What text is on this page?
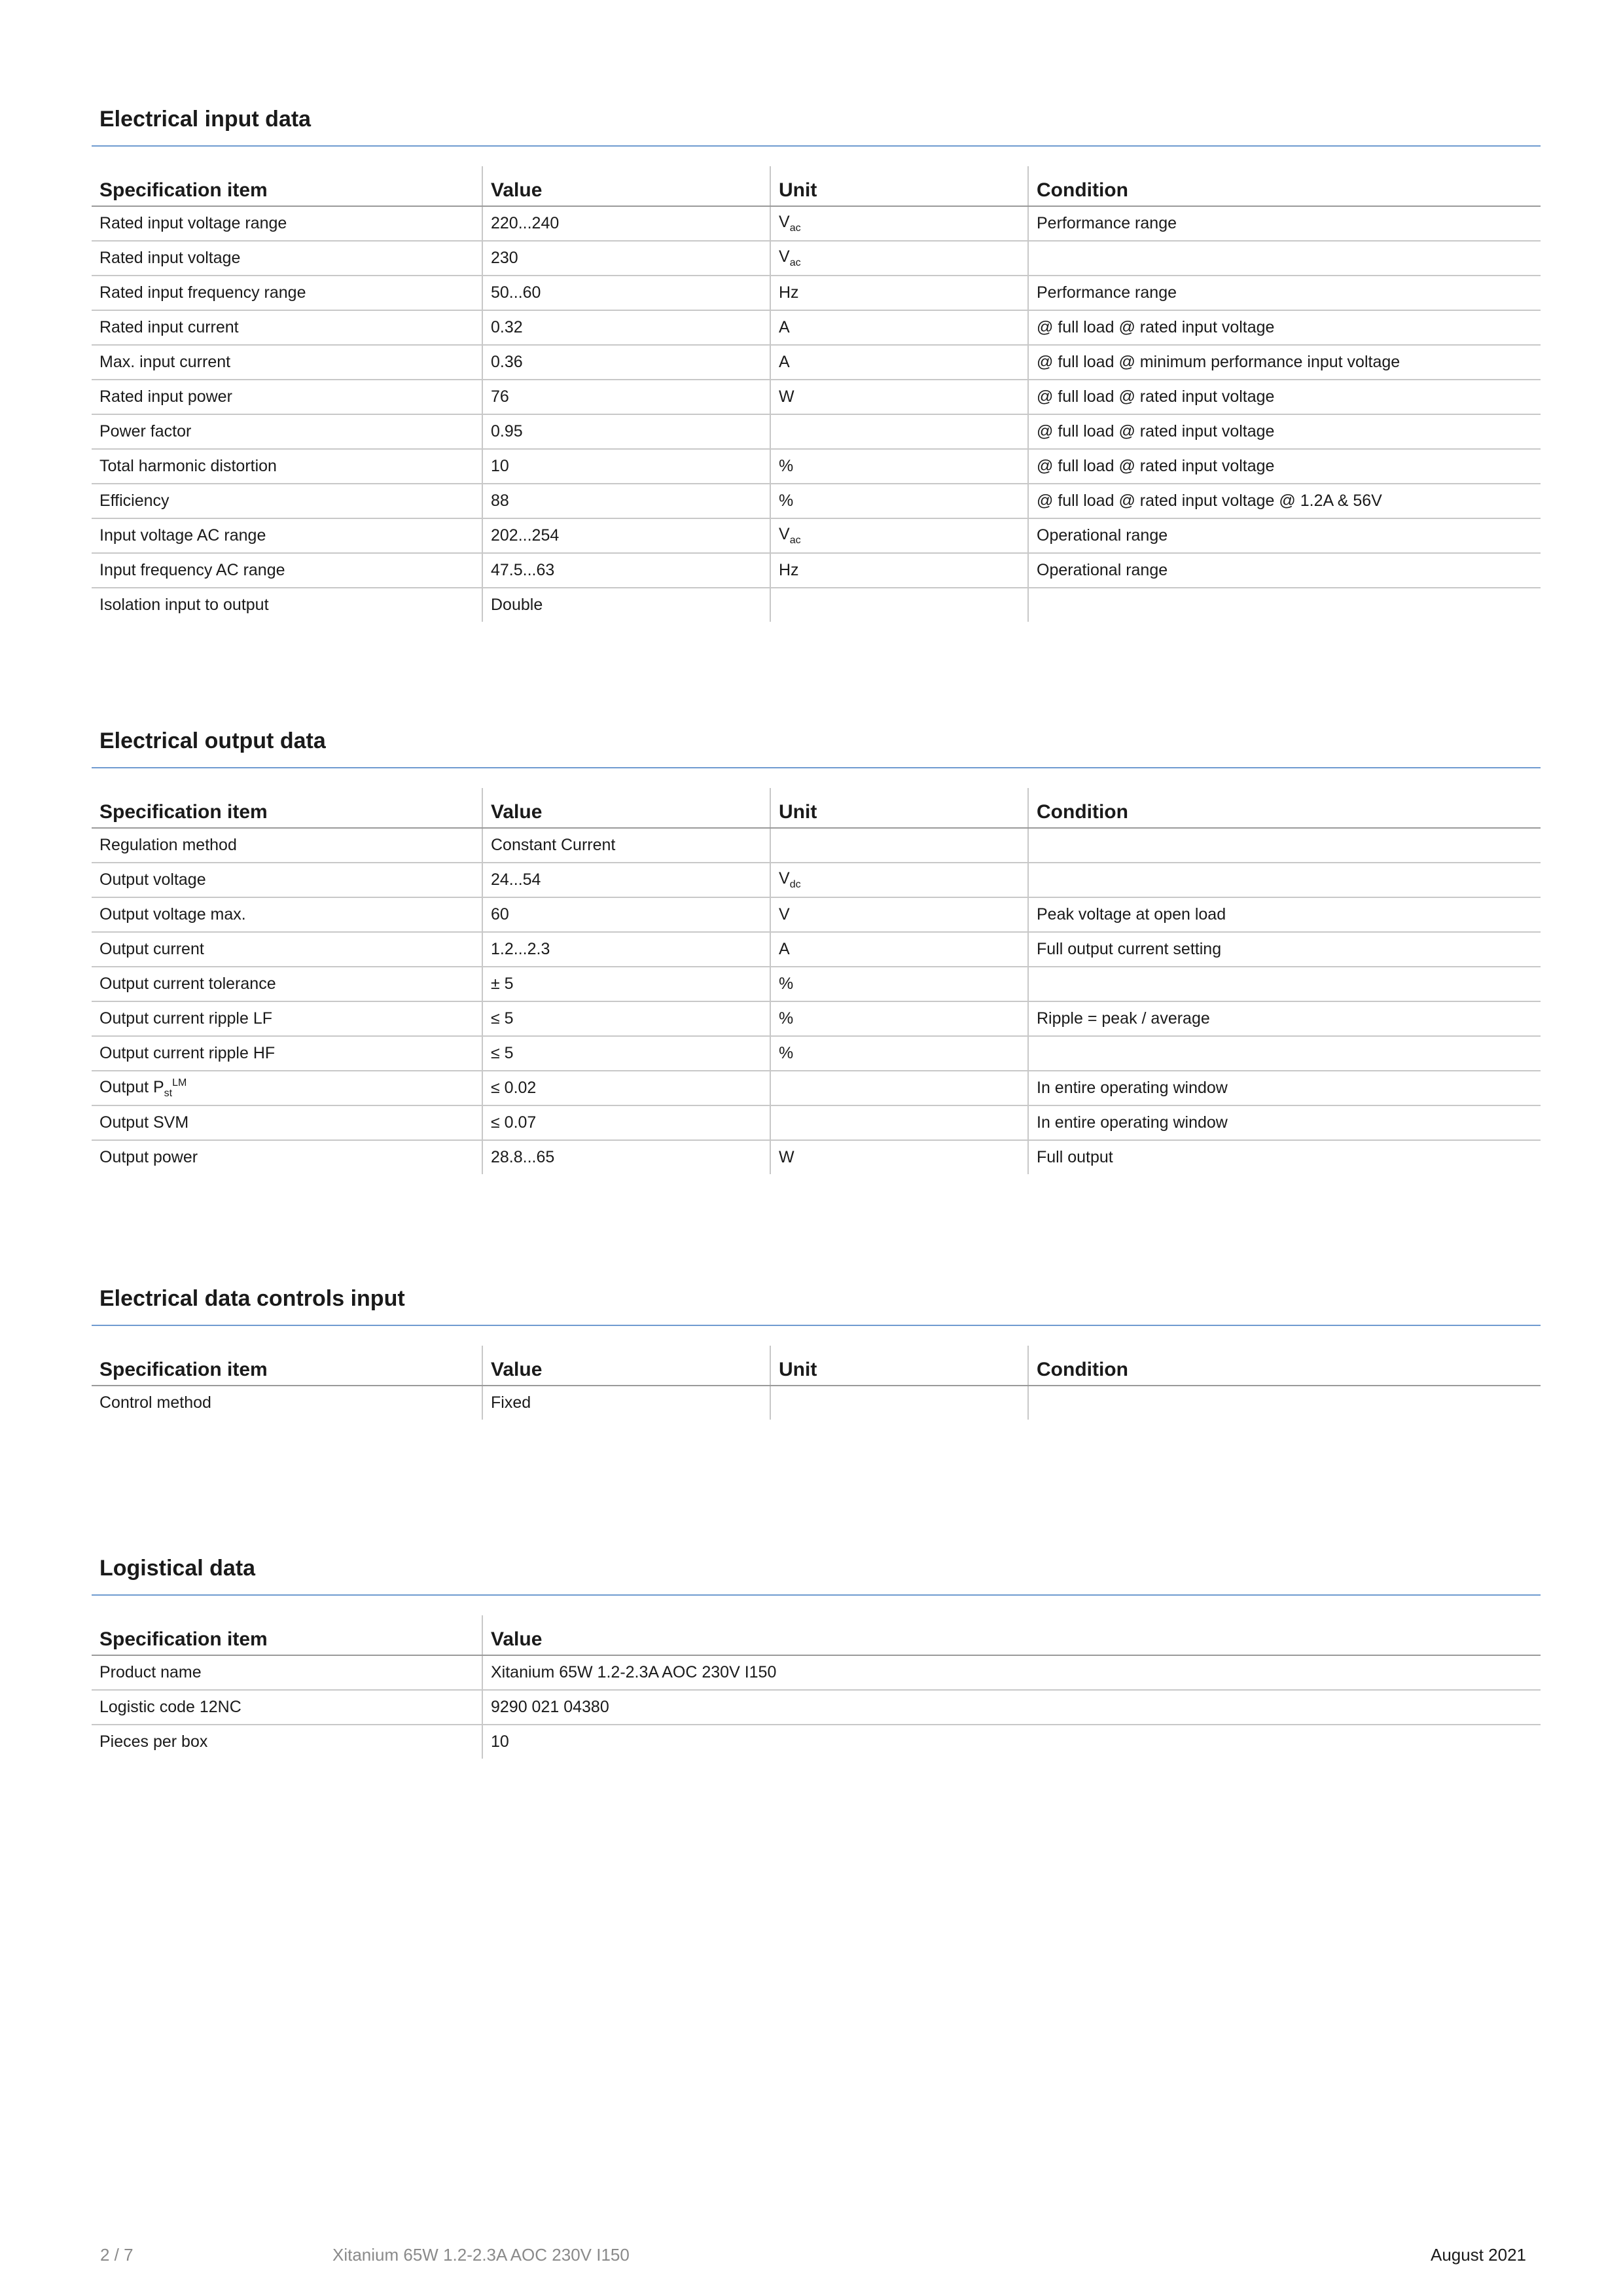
Electrical input data
Specification item	Value	Unit	Condition
Rated input voltage range	220...240	$V_{ac}$	Performance range
Rated input voltage	230	$V_{ac}$	
Rated input frequency range	50...60	Hz	Performance range
Rated input current	0.32	A	@ full load @ rated input voltage
Max. input current	0.36	A	@ full load @ minimum performance input voltage
Rated input power	76	W	@ full load @ rated input voltage
Power factor	0.95		@ full load @ rated input voltage
Total harmonic distortion	10	%	@ full load @ rated input voltage
Efficiency	88	%	@ full load @ rated input voltage @ 1.2A & 56V
Input voltage AC range	202...254	$V_{ac}$	Operational range
Input frequency AC range	47.5...63	Hz	Operational range
Isolation input to output	Double		
Electrical output data
Specification item	Value	Unit	Condition
Regulation method	Constant Current		
Output voltage	24...54	$V_{dc}$	
Output voltage max.	60	V	Peak voltage at open load
Output current	1.2...2.3	A	Full output current setting
Output current tolerance	± 5	%	
Output current ripple LF	≤ 5	%	Ripple = peak / average
Output current ripple HF	≤ 5	%	
Output $P_{st}^{LM}$	≤ 0.02		In entire operating window
Output SVM	≤ 0.07		In entire operating window
Output power	28.8...65	W	Full output
Electrical data controls input
Specification item	Value	Unit	Condition
Control method	Fixed		
Logistical data
Specification item	Value
Product name	Xitanium 65W 1.2-2.3A AOC 230V I150
Logistic code 12NC	9290 021 04380
Pieces per box	10
2 / 7	Xitanium 65W 1.2-2.3A AOC 230V I150	August 2021
